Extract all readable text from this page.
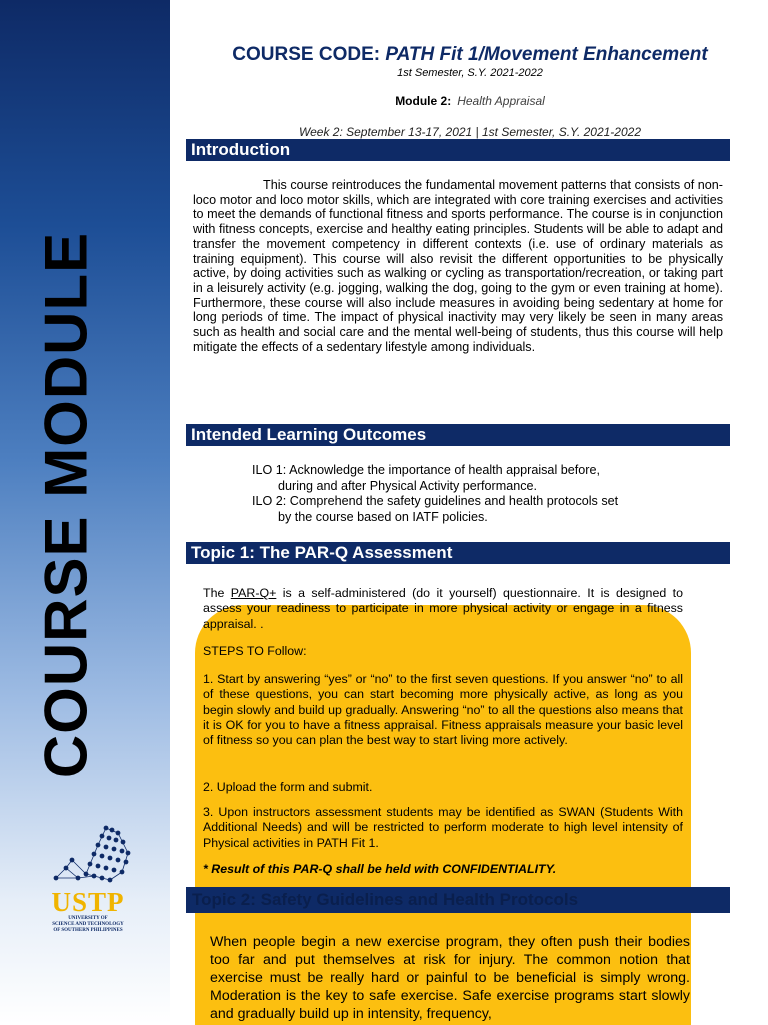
COURSE MODULE
USTP
UNIVERSITY OF
SCIENCE AND TECHNOLOGY
OF SOUTHERN PHILIPPINES
COURSE CODE: PATH Fit 1/Movement Enhancement
1st Semester, S.Y. 2021-2022
Module 2: Health Appraisal
Week 2: September 13-17, 2021 | 1st Semester, S.Y. 2021-2022
Introduction
This course reintroduces the fundamental movement patterns that consists of non-loco motor and loco motor skills, which are integrated with core training exercises and activities to meet the demands of functional fitness and sports performance. The course is in conjunction with fitness concepts, exercise and healthy eating principles. Students will be able to adapt and transfer the movement competency in different contexts (i.e. use of ordinary materials as training equipment). This course will also revisit the different opportunities to be physically active, by doing activities such as walking or cycling as transportation/recreation, or taking part in a leisurely activity (e.g. jogging, walking the dog, going to the gym or even training at home). Furthermore, these course will also include measures in avoiding being sedentary at home for long periods of time. The impact of physical inactivity may very likely be seen in many areas such as health and social care and the mental well-being of students, thus this course will help mitigate the effects of a sedentary lifestyle among individuals.
Intended Learning Outcomes
ILO 1: Acknowledge the importance of health appraisal before,
during and after Physical Activity performance.
ILO 2: Comprehend the safety guidelines and health protocols set
by the course based on IATF policies.
Topic 1: The PAR-Q Assessment
The PAR-Q+ is a self-administered (do it yourself) questionnaire. It is designed to assess your readiness to participate in more physical activity or engage in a fitness appraisal. .
STEPS TO Follow:
1. Start by answering “yes” or “no” to the first seven questions. If you answer “no” to all of these questions, you can start becoming more physically active, as long as you begin slowly and build up gradually. Answering “no” to all the questions also means that it is OK for you to have a fitness appraisal. Fitness appraisals measure your basic level of fitness so you can plan the best way to start living more actively.
2. Upload the form and submit.
3. Upon instructors assessment students may be identified as SWAN (Students With Additional Needs) and will be restricted to perform moderate to high level intensity of Physical activities in PATH Fit 1.
* Result of this PAR-Q shall be held with CONFIDENTIALITY.
Topic 2: Safety Guidelines and Health Protocols
When people begin a new exercise program, they often push their bodies too far and put themselves at risk for injury. The common notion that exercise must be really hard or painful to be beneficial is simply wrong. Moderation is the key to safe exercise. Safe exercise programs start slowly and gradually build up in intensity, frequency,
